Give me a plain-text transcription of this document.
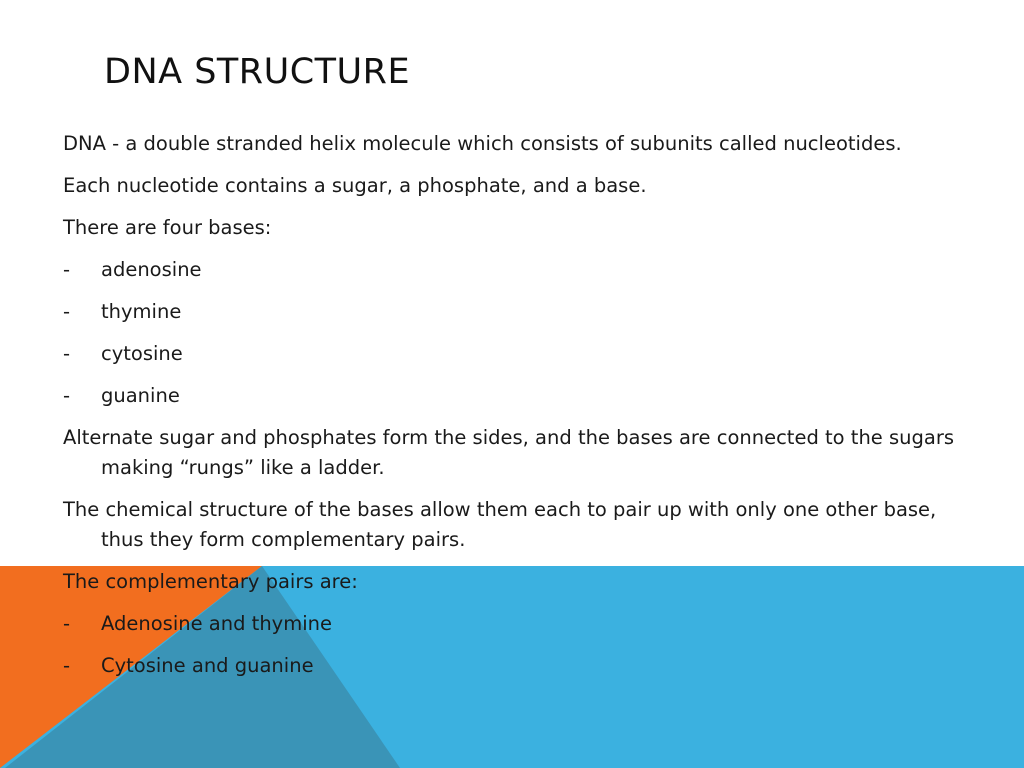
DNA STRUCTURE

DNA - a double stranded helix molecule which consists of subunits called nucleotides.

Each nucleotide contains a sugar, a phosphate, and a base.

There are four bases:

-	adenosine
-	thymine
-	cytosine
-	guanine

Alternate sugar and phosphates form the sides, and the bases are connected to the sugars making “rungs” like a ladder.

The chemical structure of the bases allow them each to pair up with only one other base, thus they form complementary pairs.

The complementary pairs are:

-	Adenosine and thymine
-	Cytosine and guanine
